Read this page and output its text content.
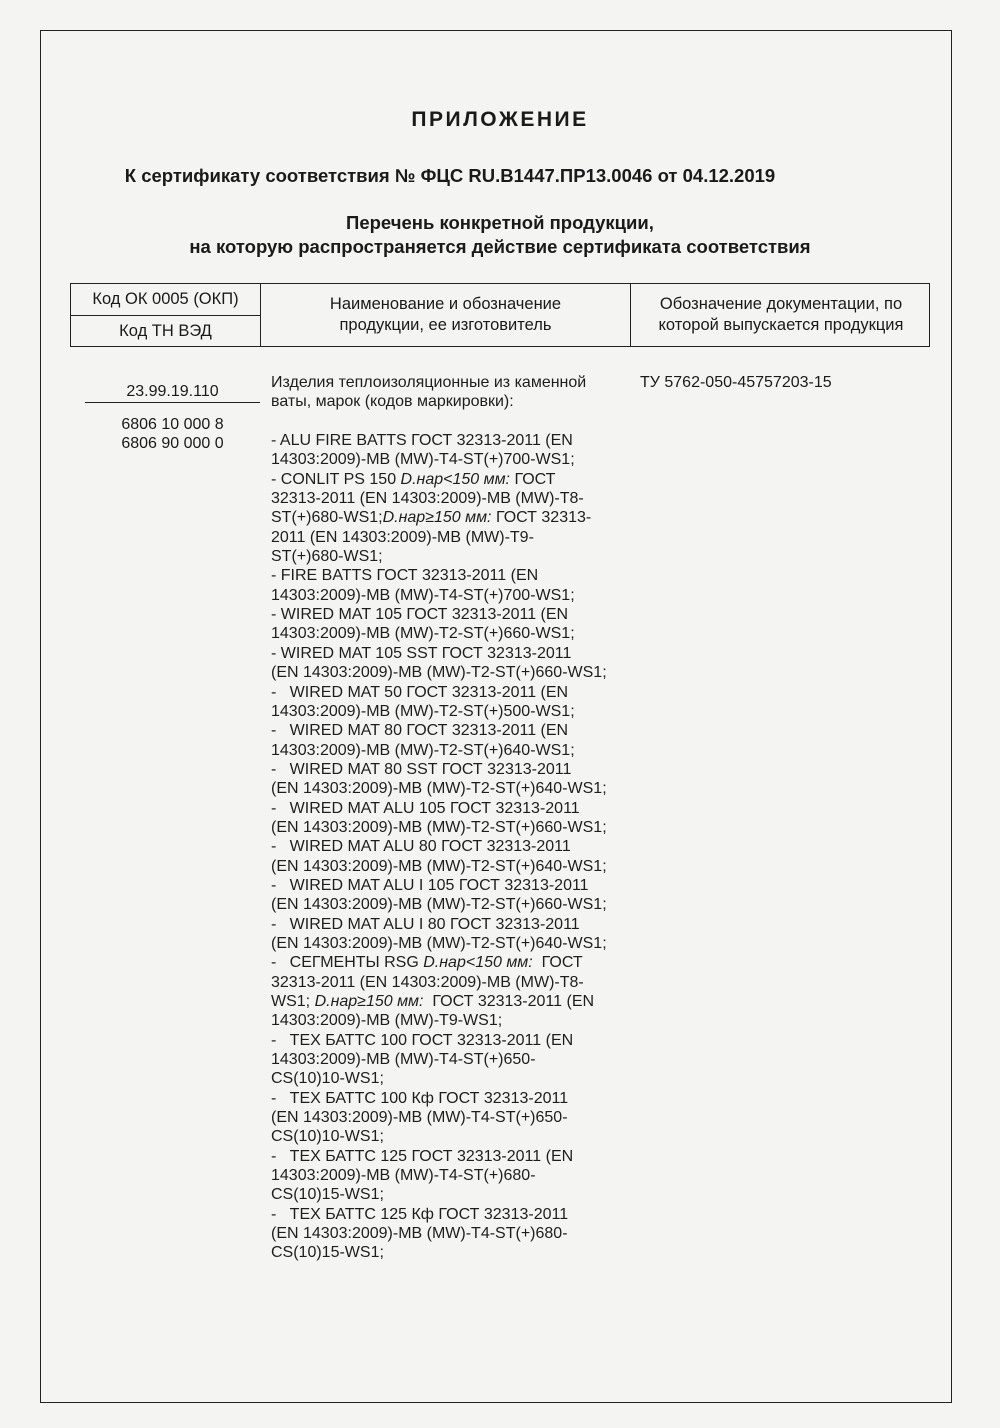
ПРИЛОЖЕНИЕ
К сертификату соответствия № ФЦС RU.B1447.ПР13.0046 от 04.12.2019
Перечень конкретной продукции,
на которую распространяется действие сертификата соответствия
Код ОК 0005 (ОКП)
Код ТН ВЭД
Наименование и обозначение
продукции, ее изготовитель
Обозначение документации, по
которой выпускается продукция
23.99.19.110
6806 10 000 8
6806 90 000 0
Изделия теплоизоляционные из каменной
ваты, марок (кодов маркировки):

- ALU FIRE BATTS ГОСТ 32313-2011 (EN
14303:2009)-MB (MW)-T4-ST(+)700-WS1;
- CONLIT PS 150 D.нар<150 мм: ГОСТ
32313-2011 (EN 14303:2009)-MB (MW)-T8-
ST(+)680-WS1;D.нар≥150 мм: ГОСТ 32313-
2011 (EN 14303:2009)-MB (MW)-T9-
ST(+)680-WS1;
- FIRE BATTS ГОСТ 32313-2011 (EN
14303:2009)-MB (MW)-T4-ST(+)700-WS1;
- WIRED MAT 105 ГОСТ 32313-2011 (EN
14303:2009)-MB (MW)-T2-ST(+)660-WS1;
- WIRED MAT 105 SST ГОСТ 32313-2011
(EN 14303:2009)-MB (MW)-T2-ST(+)660-WS1;
-   WIRED MAT 50 ГОСТ 32313-2011 (EN
14303:2009)-MB (MW)-T2-ST(+)500-WS1;
-   WIRED MAT 80 ГОСТ 32313-2011 (EN
14303:2009)-MB (MW)-T2-ST(+)640-WS1;
-   WIRED MAT 80 SST ГОСТ 32313-2011
(EN 14303:2009)-MB (MW)-T2-ST(+)640-WS1;
-   WIRED MAT ALU 105 ГОСТ 32313-2011
(EN 14303:2009)-MB (MW)-T2-ST(+)660-WS1;
-   WIRED MAT ALU 80 ГОСТ 32313-2011
(EN 14303:2009)-MB (MW)-T2-ST(+)640-WS1;
-   WIRED MAT ALU I 105 ГОСТ 32313-2011
(EN 14303:2009)-MB (MW)-T2-ST(+)660-WS1;
-   WIRED MAT ALU I 80 ГОСТ 32313-2011
(EN 14303:2009)-MB (MW)-T2-ST(+)640-WS1;
-   СЕГМЕНТЫ RSG D.нар<150 мм:  ГОСТ
32313-2011 (EN 14303:2009)-MB (MW)-T8-
WS1; D.нар≥150 мм:  ГОСТ 32313-2011 (EN
14303:2009)-MB (MW)-T9-WS1;
-   ТЕХ БАТТС 100 ГОСТ 32313-2011 (EN
14303:2009)-MB (MW)-T4-ST(+)650-
CS(10)10-WS1;
-   ТЕХ БАТТС 100 Кф ГОСТ 32313-2011
(EN 14303:2009)-MB (MW)-T4-ST(+)650-
CS(10)10-WS1;
-   ТЕХ БАТТС 125 ГОСТ 32313-2011 (EN
14303:2009)-MB (MW)-T4-ST(+)680-
CS(10)15-WS1;
-   ТЕХ БАТТС 125 Кф ГОСТ 32313-2011
(EN 14303:2009)-MB (MW)-T4-ST(+)680-
CS(10)15-WS1;
ТУ 5762-050-45757203-15
